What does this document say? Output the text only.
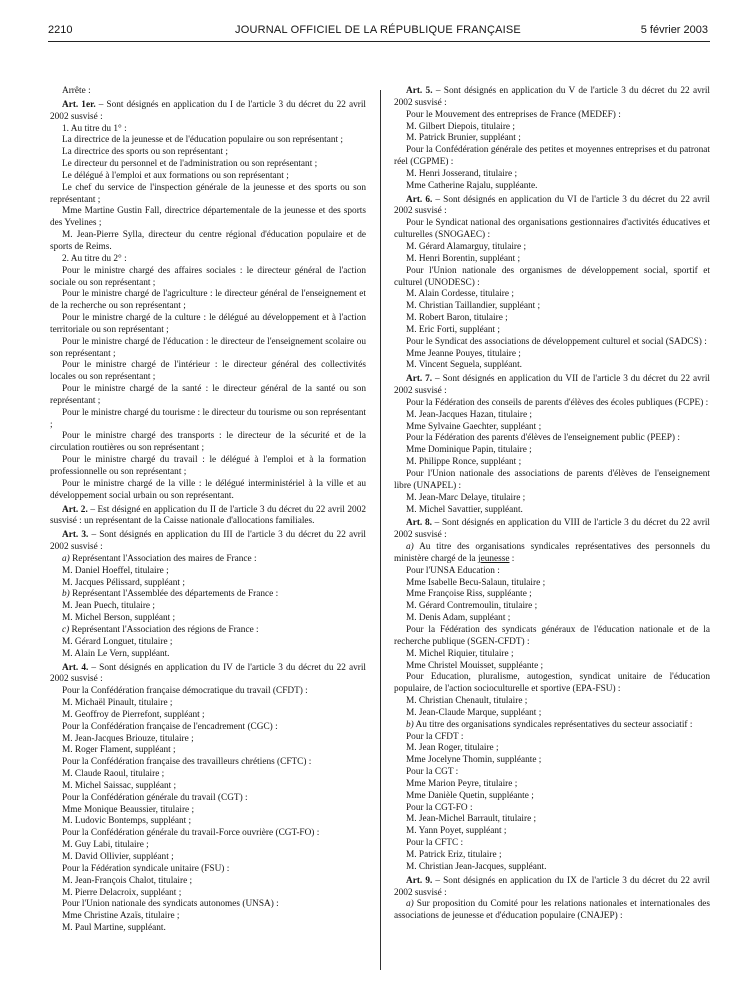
2210	JOURNAL OFFICIEL DE LA RÉPUBLIQUE FRANÇAISE	5 février 2003

Arrête :

Art. 1er. – Sont désignés en application du I de l'article 3 du décret du 22 avril 2002 susvisé :

1. Au titre du 1° :

La directrice de la jeunesse et de l'éducation populaire ou son représentant ;

La directrice des sports ou son représentant ;

Le directeur du personnel et de l'administration ou son représentant ;

Le délégué à l'emploi et aux formations ou son représentant ;

Le chef du service de l'inspection générale de la jeunesse et des sports ou son représentant ;

Mme Martine Gustin Fall, directrice départementale de la jeunesse et des sports des Yvelines ;

M. Jean-Pierre Sylla, directeur du centre régional d'éducation populaire et de sports de Reims.

2. Au titre du 2° :

Pour le ministre chargé des affaires sociales : le directeur général de l'action sociale ou son représentant ;

Pour le ministre chargé de l'agriculture : le directeur général de l'enseignement et de la recherche ou son représentant ;

Pour le ministre chargé de la culture : le délégué au développement et à l'action territoriale ou son représentant ;

Pour le ministre chargé de l'éducation : le directeur de l'enseignement scolaire ou son représentant ;

Pour le ministre chargé de l'intérieur : le directeur général des collectivités locales ou son représentant ;

Pour le ministre chargé de la santé : le directeur général de la santé ou son représentant ;

Pour le ministre chargé du tourisme : le directeur du tourisme ou son représentant ;

Pour le ministre chargé des transports : le directeur de la sécurité et de la circulation routières ou son représentant ;

Pour le ministre chargé du travail : le délégué à l'emploi et à la formation professionnelle ou son représentant ;

Pour le ministre chargé de la ville : le délégué interministériel à la ville et au développement social urbain ou son représentant.

Art. 2. – Est désigné en application du II de l'article 3 du décret du 22 avril 2002 susvisé : un représentant de la Caisse nationale d'allocations familiales.

Art. 3. – Sont désignés en application du III de l'article 3 du décret du 22 avril 2002 susvisé :

a) Représentant l'Association des maires de France :

M. Daniel Hoeffel, titulaire ;

M. Jacques Pélissard, suppléant ;

b) Représentant l'Assemblée des départements de France :

M. Jean Puech, titulaire ;

M. Michel Berson, suppléant ;

c) Représentant l'Association des régions de France :

M. Gérard Longuet, titulaire ;

M. Alain Le Vern, suppléant.

Art. 4. – Sont désignés en application du IV de l'article 3 du décret du 22 avril 2002 susvisé :

Pour la Confédération française démocratique du travail (CFDT) :

M. Michaël Pinault, titulaire ;

M. Geoffroy de Pierrefont, suppléant ;

Pour la Confédération française de l'encadrement (CGC) :

M. Jean-Jacques Briouze, titulaire ;

M. Roger Flament, suppléant ;

Pour la Confédération française des travailleurs chrétiens (CFTC) :

M. Claude Raoul, titulaire ;

M. Michel Saissac, suppléant ;

Pour la Confédération générale du travail (CGT) :

Mme Monique Beaussier, titulaire ;

M. Ludovic Bontemps, suppléant ;

Pour la Confédération générale du travail-Force ouvrière (CGT-FO) :

M. Guy Labi, titulaire ;

M. David Ollivier, suppléant ;

Pour la Fédération syndicale unitaire (FSU) :

M. Jean-François Chalot, titulaire ;

M. Pierre Delacroix, suppléant ;

Pour l'Union nationale des syndicats autonomes (UNSA) :

Mme Christine Azaïs, titulaire ;

M. Paul Martine, suppléant.

Art. 5. – Sont désignés en application du V de l'article 3 du décret du 22 avril 2002 susvisé :

Pour le Mouvement des entreprises de France (MEDEF) :

M. Gilbert Diepois, titulaire ;

M. Patrick Brunier, suppléant ;

Pour la Confédération générale des petites et moyennes entreprises et du patronat réel (CGPME) :

M. Henri Josserand, titulaire ;

Mme Catherine Rajalu, suppléante.

Art. 6. – Sont désignés en application du VI de l'article 3 du décret du 22 avril 2002 susvisé :

Pour le Syndicat national des organisations gestionnaires d'activités éducatives et culturelles (SNOGAEC) :

M. Gérard Alamarguy, titulaire ;

M. Henri Borentin, suppléant ;

Pour l'Union nationale des organismes de développement social, sportif et culturel (UNODESC) :

M. Alain Cordesse, titulaire ;

M. Christian Taillandier, suppléant ;

M. Robert Baron, titulaire ;

M. Eric Forti, suppléant ;

Pour le Syndicat des associations de développement culturel et social (SADCS) :

Mme Jeanne Pouyes, titulaire ;

M. Vincent Seguela, suppléant.

Art. 7. – Sont désignés en application du VII de l'article 3 du décret du 22 avril 2002 susvisé :

Pour la Fédération des conseils de parents d'élèves des écoles publiques (FCPE) :

M. Jean-Jacques Hazan, titulaire ;

Mme Sylvaine Gaechter, suppléant ;

Pour la Fédération des parents d'élèves de l'enseignement public (PEEP) :

Mme Dominique Papin, titulaire ;

M. Philippe Ronce, suppléant ;

Pour l'Union nationale des associations de parents d'élèves de l'enseignement libre (UNAPEL) :

M. Jean-Marc Delaye, titulaire ;

M. Michel Savattier, suppléant.

Art. 8. – Sont désignés en application du VIII de l'article 3 du décret du 22 avril 2002 susvisé :

a) Au titre des organisations syndicales représentatives des personnels du ministère chargé de la jeunesse :

Pour l'UNSA Education :

Mme Isabelle Becu-Salaun, titulaire ;

Mme Françoise Riss, suppléante ;

M. Gérard Contremoulin, titulaire ;

M. Denis Adam, suppléant ;

Pour la Fédération des syndicats généraux de l'éducation nationale et de la recherche publique (SGEN-CFDT) :

M. Michel Riquier, titulaire ;

Mme Christel Mouisset, suppléante ;

Pour Education, pluralisme, autogestion, syndicat unitaire de l'éducation populaire, de l'action socioculturelle et sportive (EPA-FSU) :

M. Christian Chenault, titulaire ;

M. Jean-Claude Marque, suppléant ;

b) Au titre des organisations syndicales représentatives du secteur associatif :

Pour la CFDT :

M. Jean Roger, titulaire ;

Mme Jocelyne Thomin, suppléante ;

Pour la CGT :

Mme Marion Peyre, titulaire ;

Mme Danièle Quetin, suppléante ;

Pour la CGT-FO :

M. Jean-Michel Barrault, titulaire ;

M. Yann Poyet, suppléant ;

Pour la CFTC :

M. Patrick Eriz, titulaire ;

M. Christian Jean-Jacques, suppléant.

Art. 9. – Sont désignés en application du IX de l'article 3 du décret du 22 avril 2002 susvisé :

a) Sur proposition du Comité pour les relations nationales et internationales des associations de jeunesse et d'éducation populaire (CNAJEP) :
